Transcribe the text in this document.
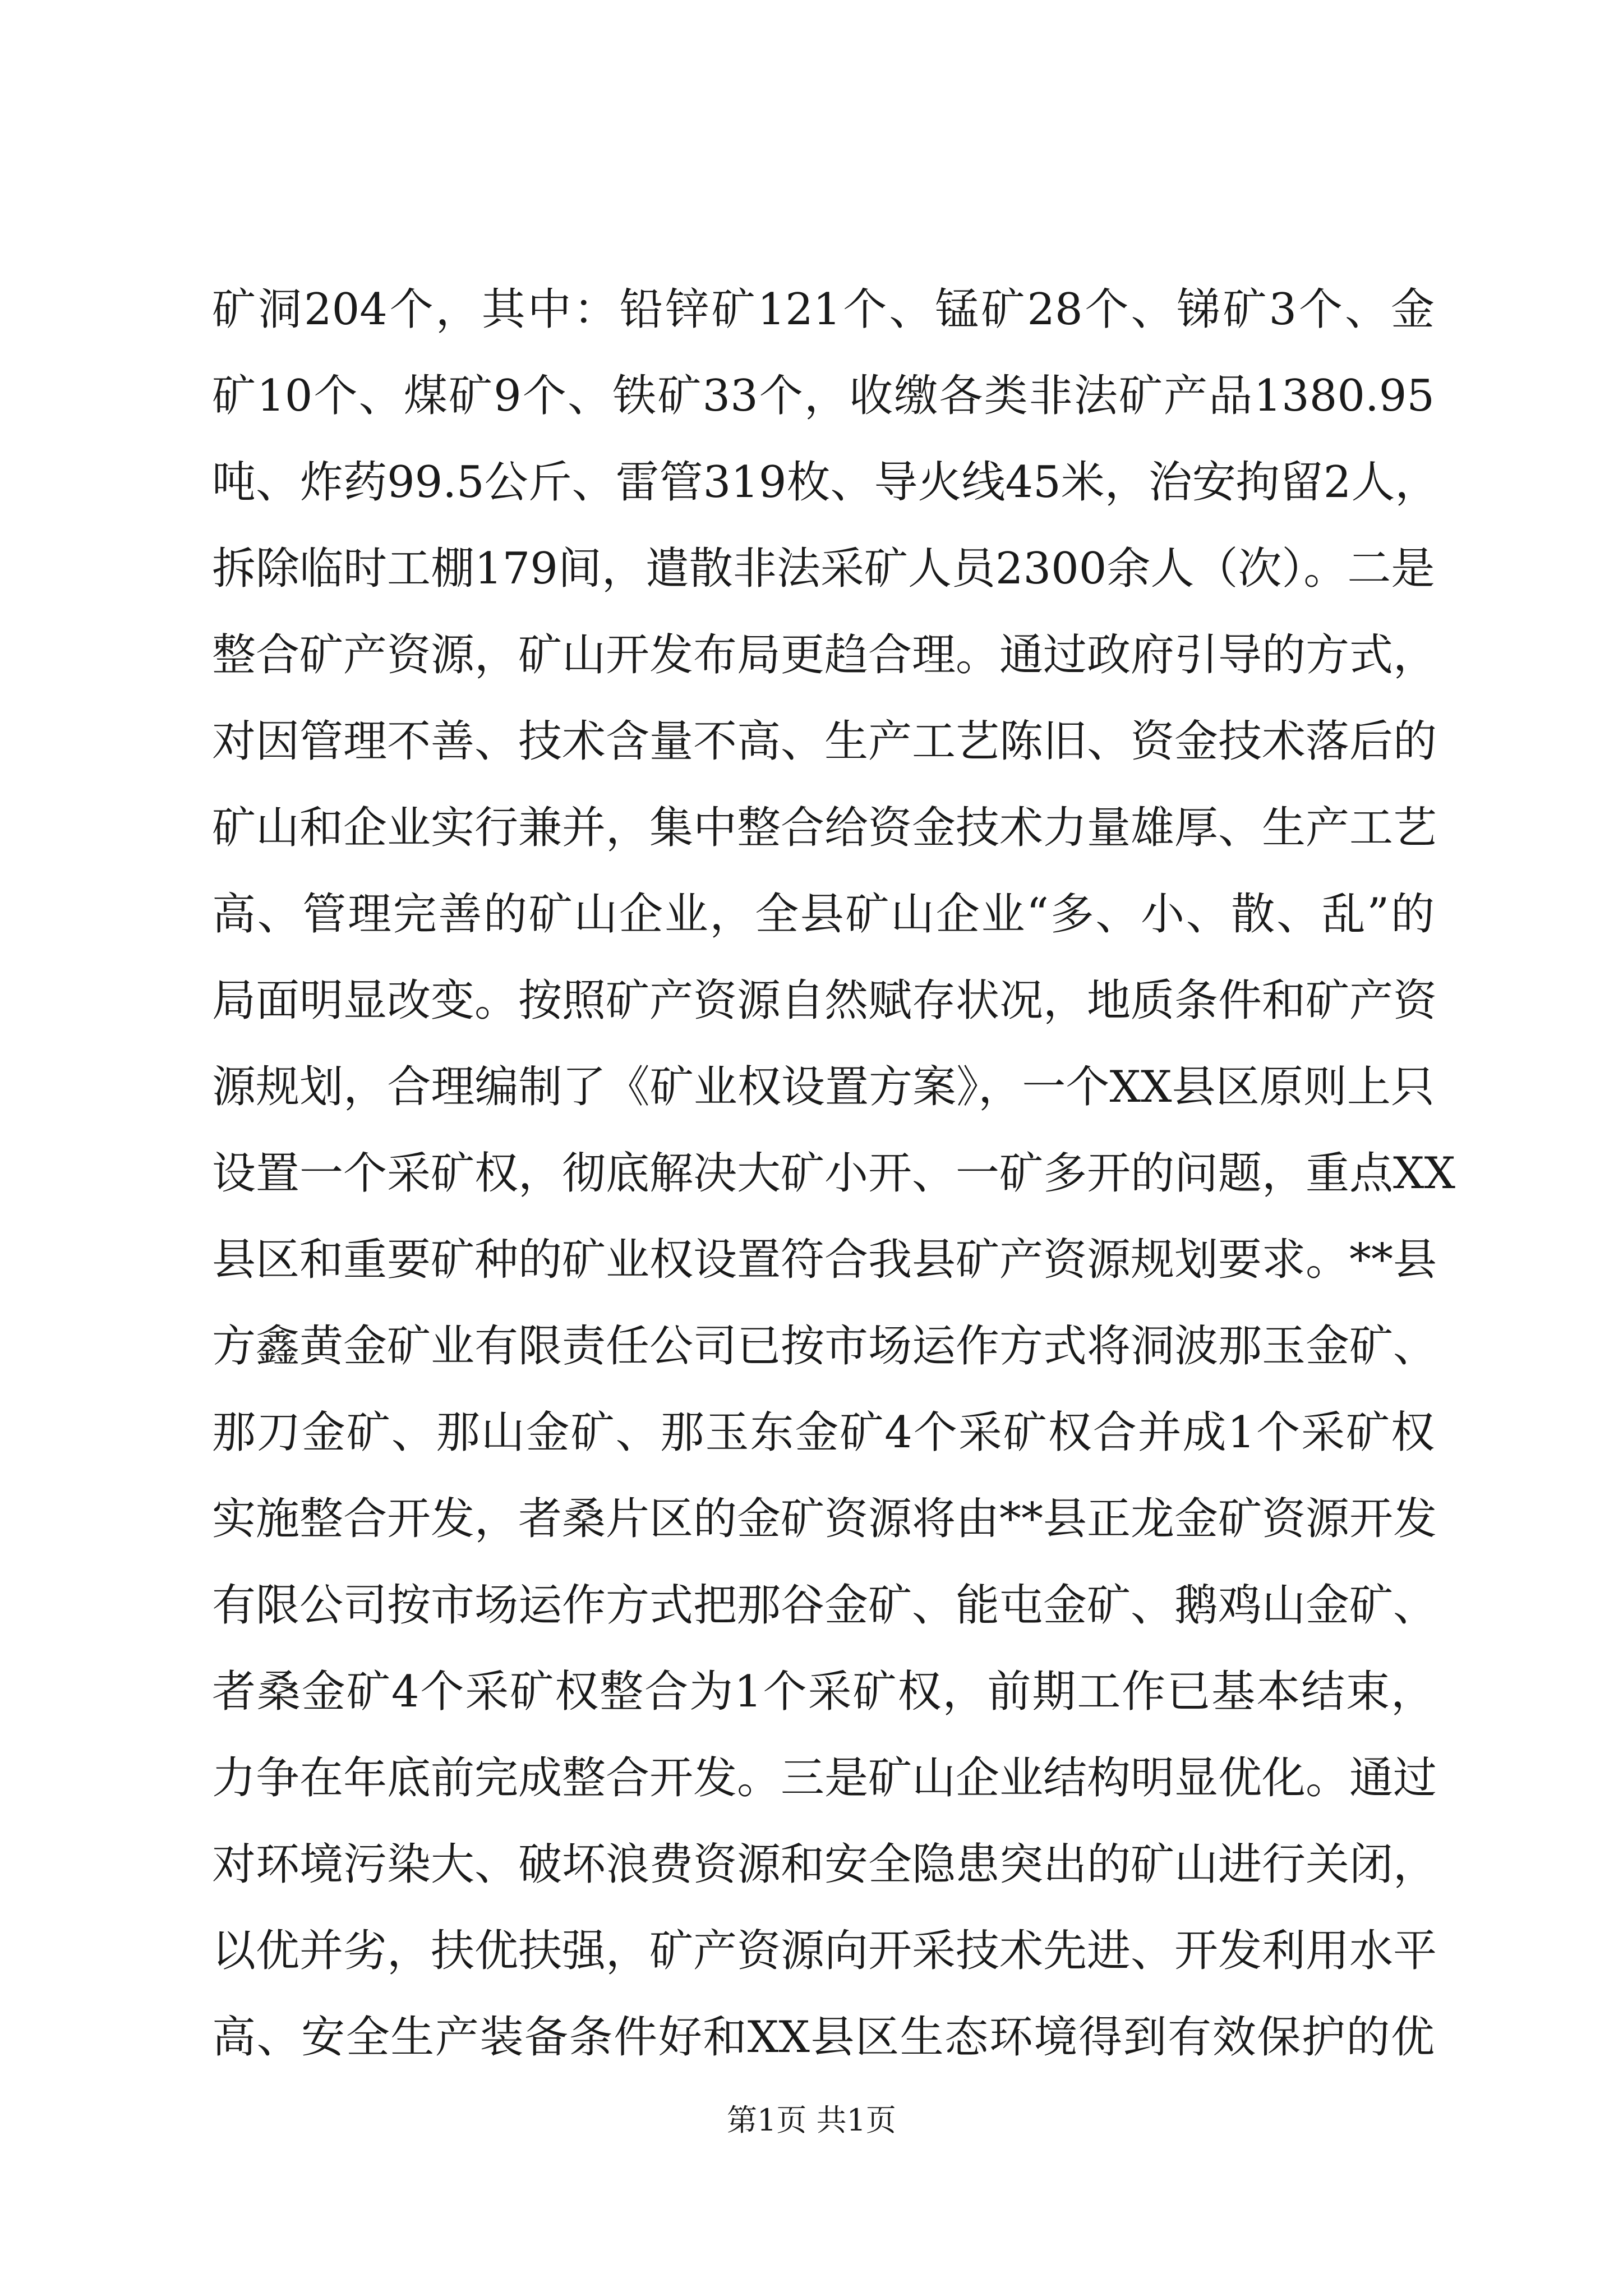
矿洞204个，其中：铅锌矿121个、锰矿28个、锑矿3个、金
矿10个、煤矿9个、铁矿33个，收缴各类非法矿产品1380.95
吨、炸药99.5公斤、雷管319枚、导火线45米，治安拘留2人，
拆除临时工棚179间，遣散非法采矿人员2300余人（次）。二是
整合矿产资源，矿山开发布局更趋合理。通过政府引导的方式，
对因管理不善、技术含量不高、生产工艺陈旧、资金技术落后的
矿山和企业实行兼并，集中整合给资金技术力量雄厚、生产工艺
高、管理完善的矿山企业，全县矿山企业“多、小、散、乱”的
局面明显改变。按照矿产资源自然赋存状况，地质条件和矿产资
源规划，合理编制了《矿业权设置方案》，一个XX县区原则上只
设置一个采矿权，彻底解决大矿小开、一矿多开的问题，重点XX
县区和重要矿种的矿业权设置符合我县矿产资源规划要求。**县
方鑫黄金矿业有限责任公司已按市场运作方式将洞波那玉金矿、
那刀金矿、那山金矿、那玉东金矿4个采矿权合并成1个采矿权
实施整合开发，者桑片区的金矿资源将由**县正龙金矿资源开发
有限公司按市场运作方式把那谷金矿、能屯金矿、鹅鸡山金矿、
者桑金矿4个采矿权整合为1个采矿权，前期工作已基本结束，
力争在年底前完成整合开发。三是矿山企业结构明显优化。通过
对环境污染大、破坏浪费资源和安全隐患突出的矿山进行关闭，
以优并劣，扶优扶强，矿产资源向开采技术先进、开发利用水平
高、安全生产装备条件好和XX县区生态环境得到有效保护的优
第1页 共1页
